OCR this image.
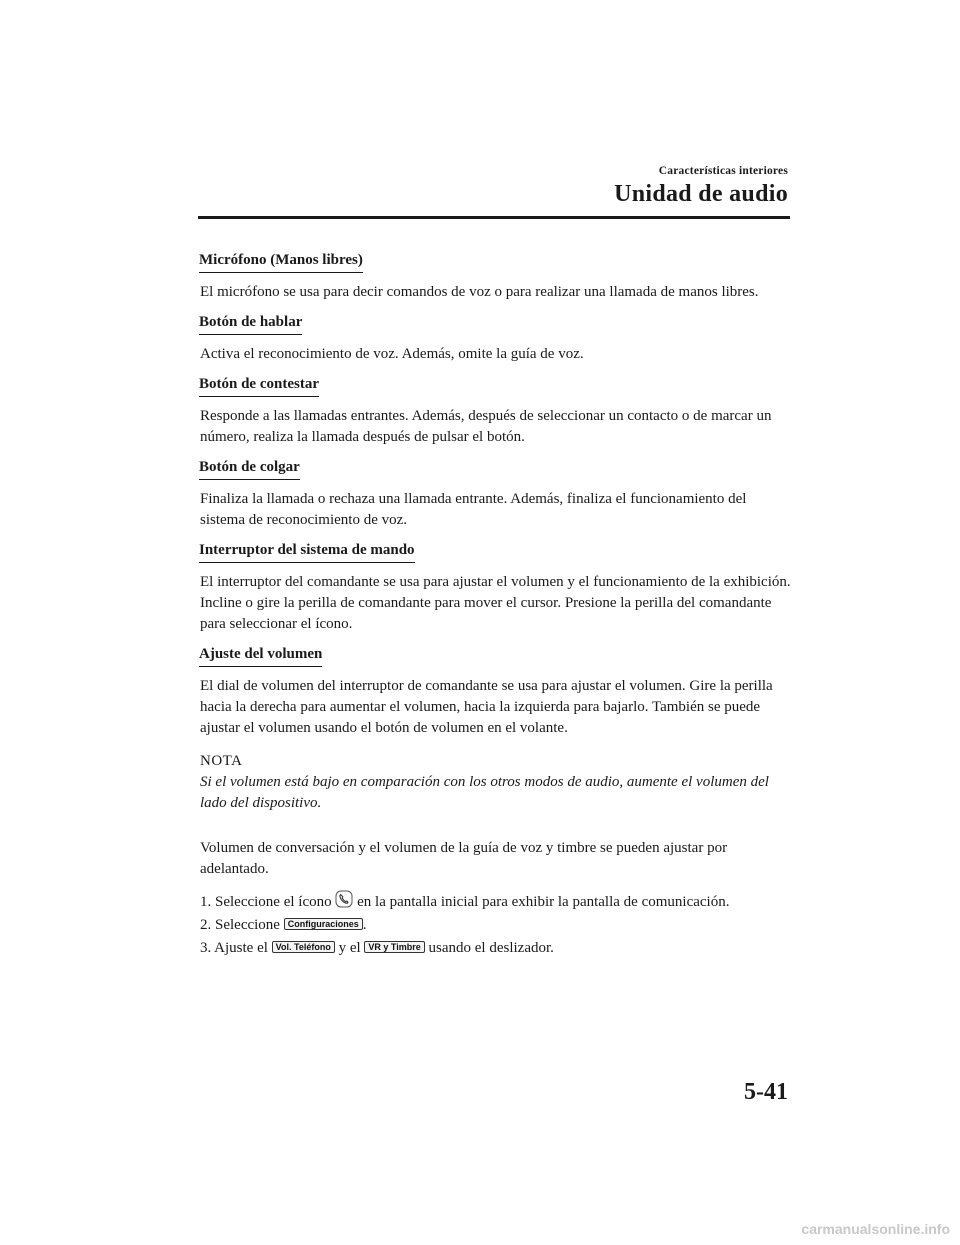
Características interiores
Unidad de audio
Micrófono (Manos libres)

El micrófono se usa para decir comandos de voz o para realizar una llamada de manos libres.

Botón de hablar

Activa el reconocimiento de voz. Además, omite la guía de voz.

Botón de contestar

Responde a las llamadas entrantes. Además, después de seleccionar un contacto o de marcar un número, realiza la llamada después de pulsar el botón.

Botón de colgar

Finaliza la llamada o rechaza una llamada entrante. Además, finaliza el funcionamiento del sistema de reconocimiento de voz.

Interruptor del sistema de mando

El interruptor del comandante se usa para ajustar el volumen y el funcionamiento de la exhibición. Incline o gire la perilla de comandante para mover el cursor. Presione la perilla del comandante para seleccionar el ícono.

Ajuste del volumen

El dial de volumen del interruptor de comandante se usa para ajustar el volumen. Gire la perilla hacia la derecha para aumentar el volumen, hacia la izquierda para bajarlo. También se puede ajustar el volumen usando el botón de volumen en el volante.

NOTA
Si el volumen está bajo en comparación con los otros modos de audio, aumente el volumen del lado del dispositivo.

Volumen de conversación y el volumen de la guía de voz y timbre se pueden ajustar por adelantado.

1. Seleccione el ícono  en la pantalla inicial para exhibir la pantalla de comunicación.
2. Seleccione Configuraciones .
3. Ajuste el Vol. Teléfono y el VR y Timbre usando el deslizador.
5-41
carmanualsonline.info
